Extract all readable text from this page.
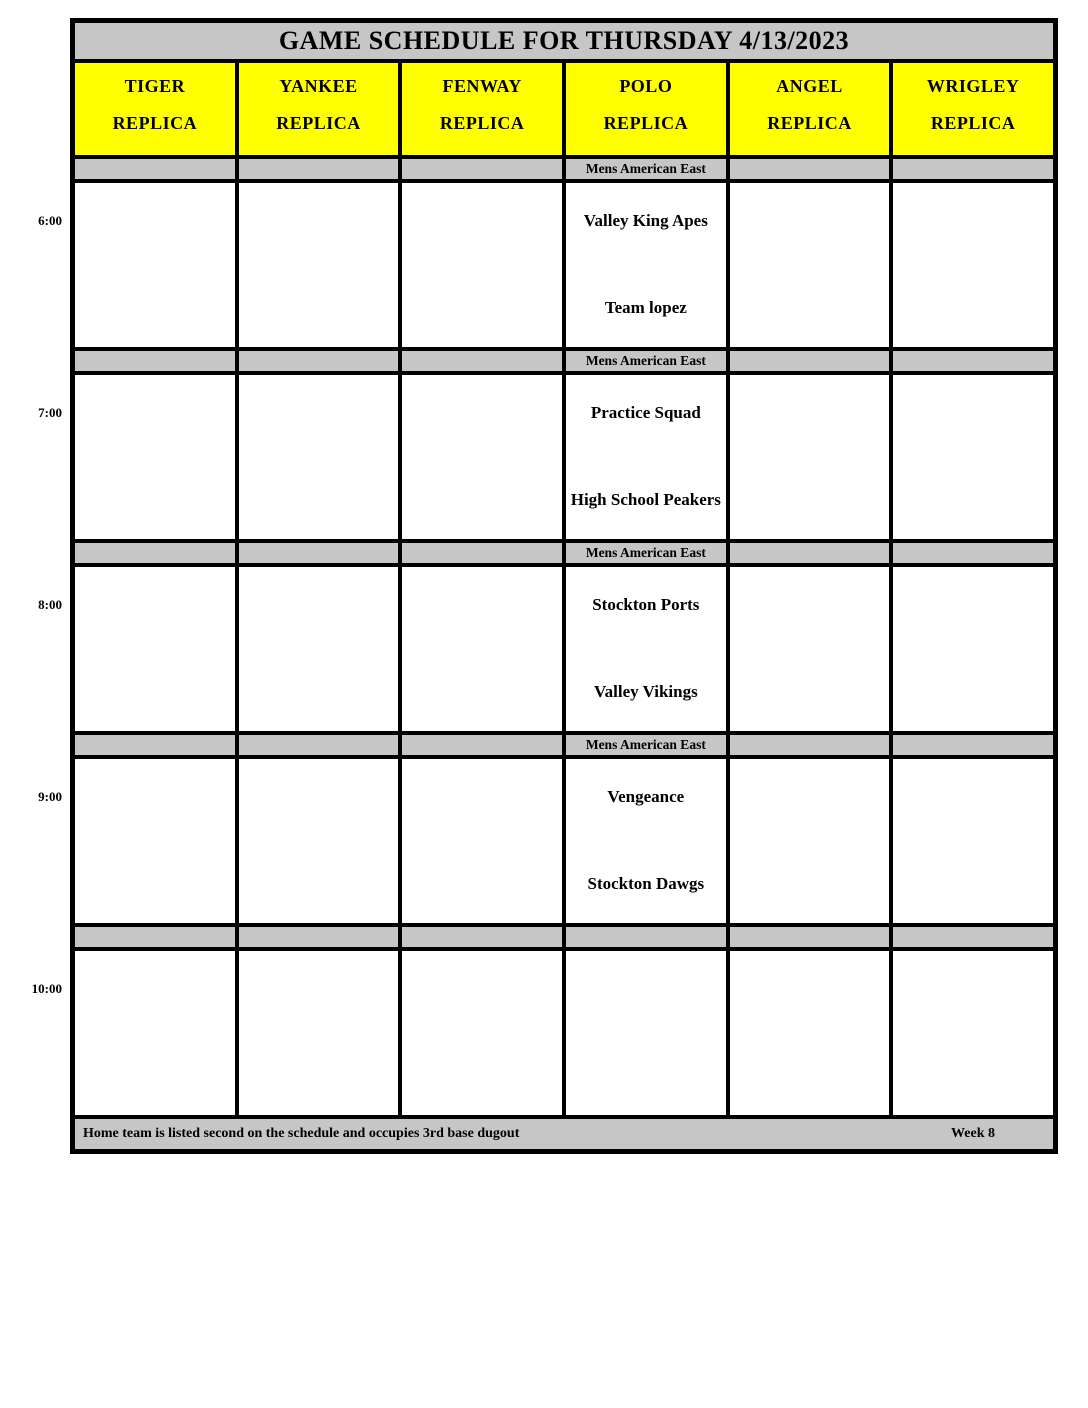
6:00
7:00
8:00
9:00
10:00
GAME SCHEDULE FOR THURSDAY 4/13/2023
TIGER
REPLICA
YANKEE
REPLICA
FENWAY
REPLICA
POLO
REPLICA
ANGEL
REPLICA
WRIGLEY
REPLICA
Mens American East
Valley King Apes
Team lopez
Mens American East
Practice Squad
High School Peakers
Mens American East
Stockton Ports
Valley Vikings
Mens American East
Vengeance
Stockton Dawgs
Home team is listed second on the schedule and occupies 3rd base dugout	Week 8
